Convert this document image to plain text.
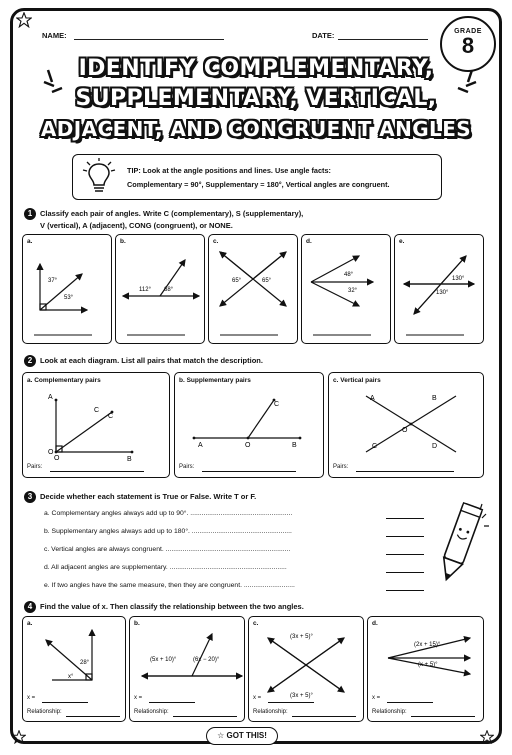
NAME:	DATE:	GRADE
8
IDENTIFY COMPLEMENTARY,
SUPPLEMENTARY, VERTICAL,
ADJACENT, AND CONGRUENT ANGLES
TIP: Look at the angle positions and lines. Use angle facts:
Complementary = 90°, Supplementary = 180°, Vertical angles are congruent.
1 Classify each pair of angles. Write C (complementary), S (supplementary),
V (vertical), A (adjacent), CONG (congruent), or NONE.
a.	b.	c.	d.	e.
37°
53°
112° 68°
65°	65°
48°
32°
130°
130°
2 Look at each diagram. List all pairs that match the description.
a. Complementary pairs	b. Supplementary pairs	c. Vertical pairs
A
C
C
O
O	B
C
A	O	B
A	B
O
C	D
Pairs:	Pairs:	Pairs:
3 Decide whether each statement is True or False. Write T or F.
a. Complementary angles always add up to 90°. ......................................................
b. Supplementary angles always add up to 180°. .....................................................
c. Vertical angles are always congruent. ..................................................................
d. All adjacent angles are supplementary. ..............................................................
e. If two angles have the same measure, then they are congruent. ...........................
4 Find the value of x. Then classify the relationship between the two angles.
a.	b.	c.	d.
28°
x°
(5x + 10)°	(6x − 20)°
(3x + 5)°
(3x + 5)°
(2x + 15)°
(x + 5)°
x =
Relationship:
x =
Relationship:
x =
Relationship:
x =
Relationship:
☆ GOT THIS!
